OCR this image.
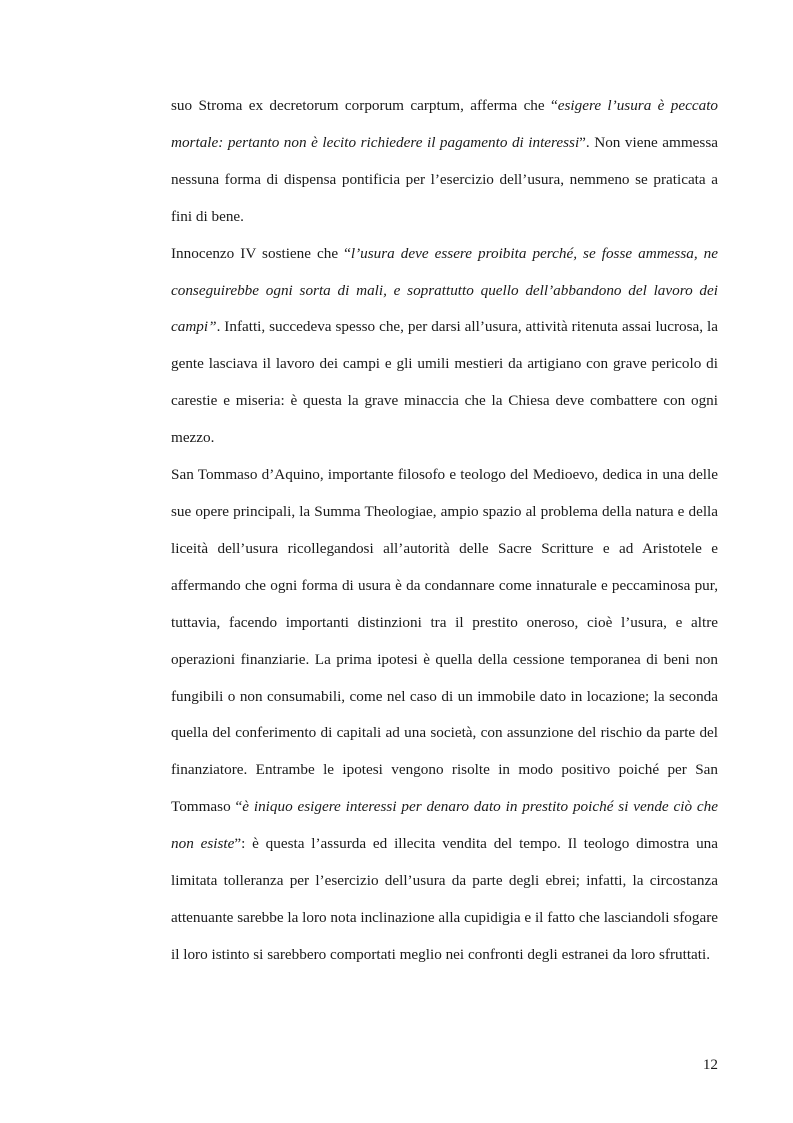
suo Stroma ex decretorum corporum carptum, afferma che “esigere l’usura è peccato mortale: pertanto non è lecito richiedere il pagamento di interessi”. Non viene ammessa nessuna forma di dispensa pontificia per l’esercizio dell’usura, nemmeno se praticata a fini di bene.

Innocenzo IV sostiene che “l’usura deve essere proibita perché, se fosse ammessa, ne conseguirebbe ogni sorta di mali, e soprattutto quello dell’abbandono del lavoro dei campi”. Infatti, succedeva spesso che, per darsi all’usura, attività ritenuta assai lucrosa, la gente lasciava il lavoro dei campi e gli umili mestieri da artigiano con grave pericolo di carestie e miseria: è questa la grave minaccia che la Chiesa deve combattere con ogni mezzo.

San Tommaso d’Aquino, importante filosofo e teologo del Medioevo, dedica in una delle sue opere principali, la Summa Theologiae, ampio spazio al problema della natura e della liceità dell’usura ricollegandosi all’autorità delle Sacre Scritture e ad Aristotele e affermando che ogni forma di usura è da condannare come innaturale e peccaminosa pur, tuttavia, facendo importanti distinzioni tra il prestito oneroso, cioè l’usura, e altre operazioni finanziarie. La prima ipotesi è quella della cessione temporanea di beni non fungibili o non consumabili, come nel caso di un immobile dato in locazione; la seconda quella del conferimento di capitali ad una società, con assunzione del rischio da parte del finanziatore. Entrambe le ipotesi vengono risolte in modo positivo poiché per San Tommaso “è iniquo esigere interessi per denaro dato in prestito poiché si vende ciò che non esiste”: è questa l’assurda ed illecita vendita del tempo. Il teologo dimostra una limitata tolleranza per l’esercizio dell’usura da parte degli ebrei; infatti, la circostanza attenuante sarebbe la loro nota inclinazione alla cupidigia e il fatto che lasciandoli sfogare il loro istinto si sarebbero comportati meglio nei confronti degli estranei da loro sfruttati.

12
